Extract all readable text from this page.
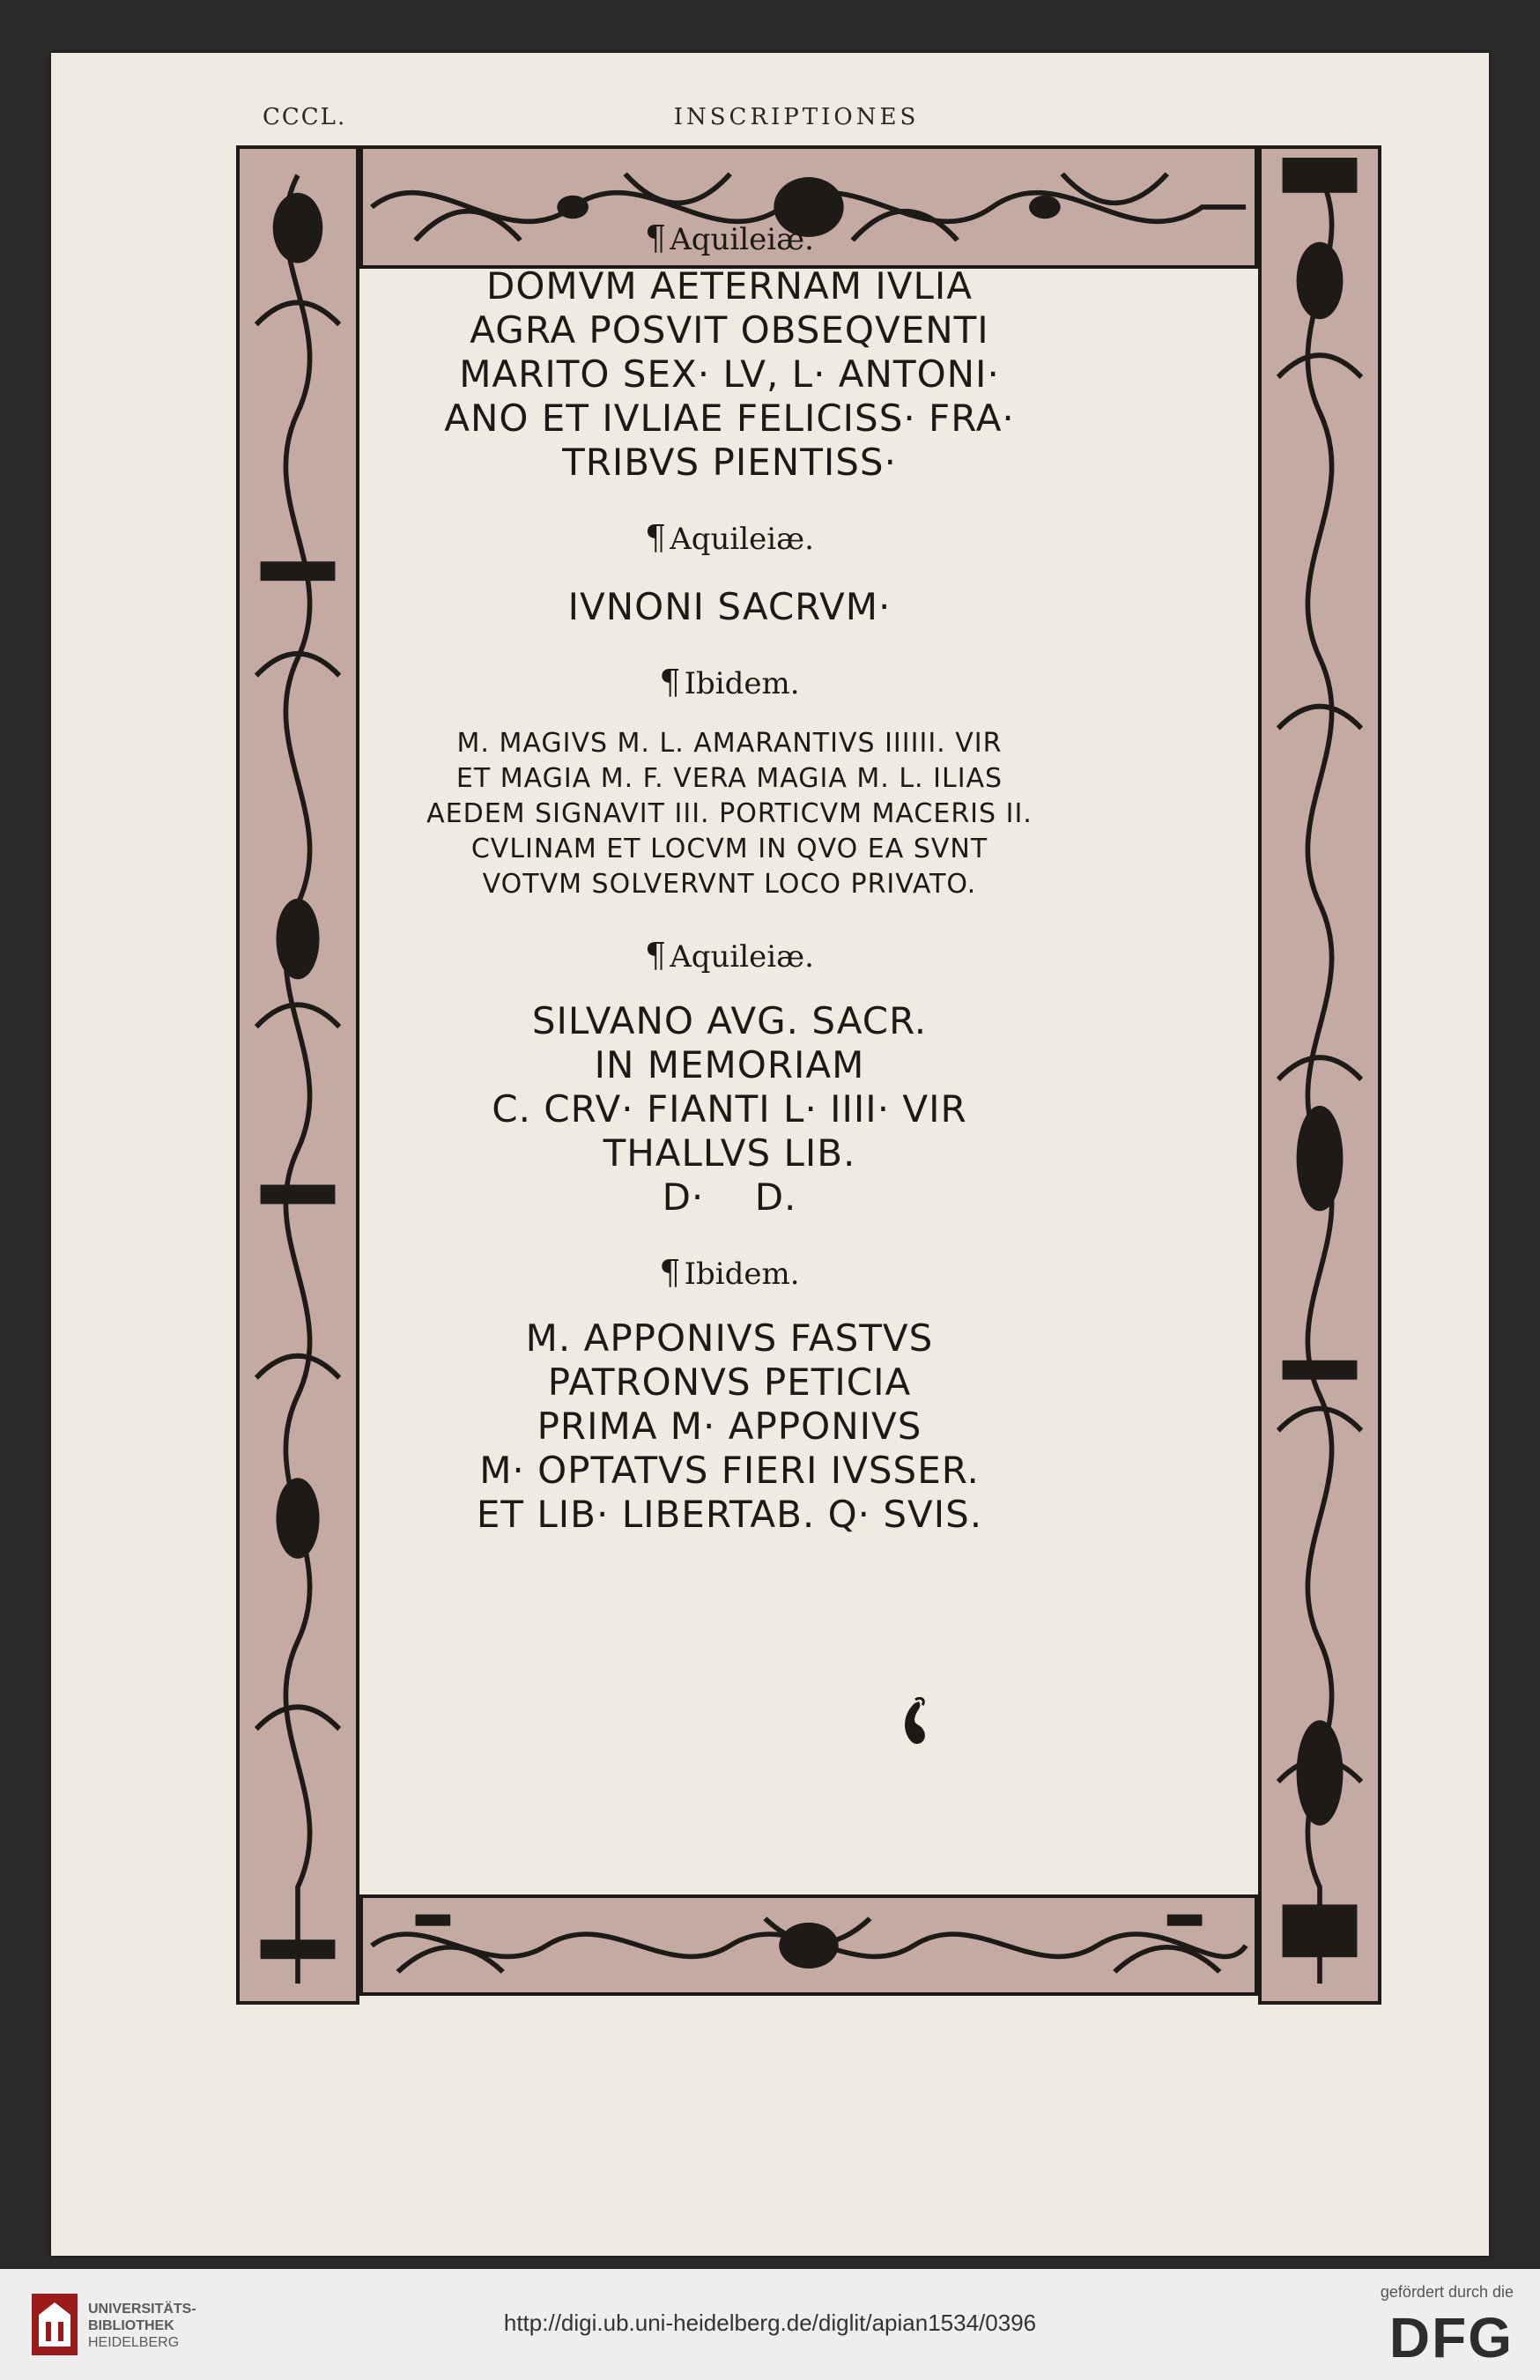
CCCL.	INSCRIPTIONES

¶ Aquileiæ.

DOMVM AETERNAM IVLIA
AGRA POSVIT OBSEQVENTI
MARITO SEX· LV, L· ANTONI·
ANO ET IVLIAE FELICISS· FRA·
TRIBVS PIENTISS·

¶ Aquileiæ.

IVNONI SACRVM·

¶ Ibidem.

M. MAGIVS M. L. AMARANTIVS IIIIII. VIR
ET MAGIA M. F. VERA MAGIA M. L. ILIAS
AEDEM SIGNAVIT III. PORTICVM MACERIS II.
CVLINAM ET LOCVM IN QVO EA SVNT
VOTVM SOLVERVNT LOCO PRIVATO.

¶ Aquileiæ.

SILVANO AVG. SACR.
IN MEMORIAM
C. CRV· FIANTI L· IIII· VIR
THALLVS LIB.
D·    D.

¶ Ibidem.

M. APPONIVS FASTVS
PATRONVS PETICIA
PRIMA M· APPONIVS
M· OPTATVS FIERI IVSSER.
ET LIB· LIBERTAB. Q· SVIS.
UNIVERSITÄTS-
BIBLIOTHEK
HEIDELBERG
http://digi.ub.uni-heidelberg.de/diglit/apian1534/0396
gefördert durch die
DFG
